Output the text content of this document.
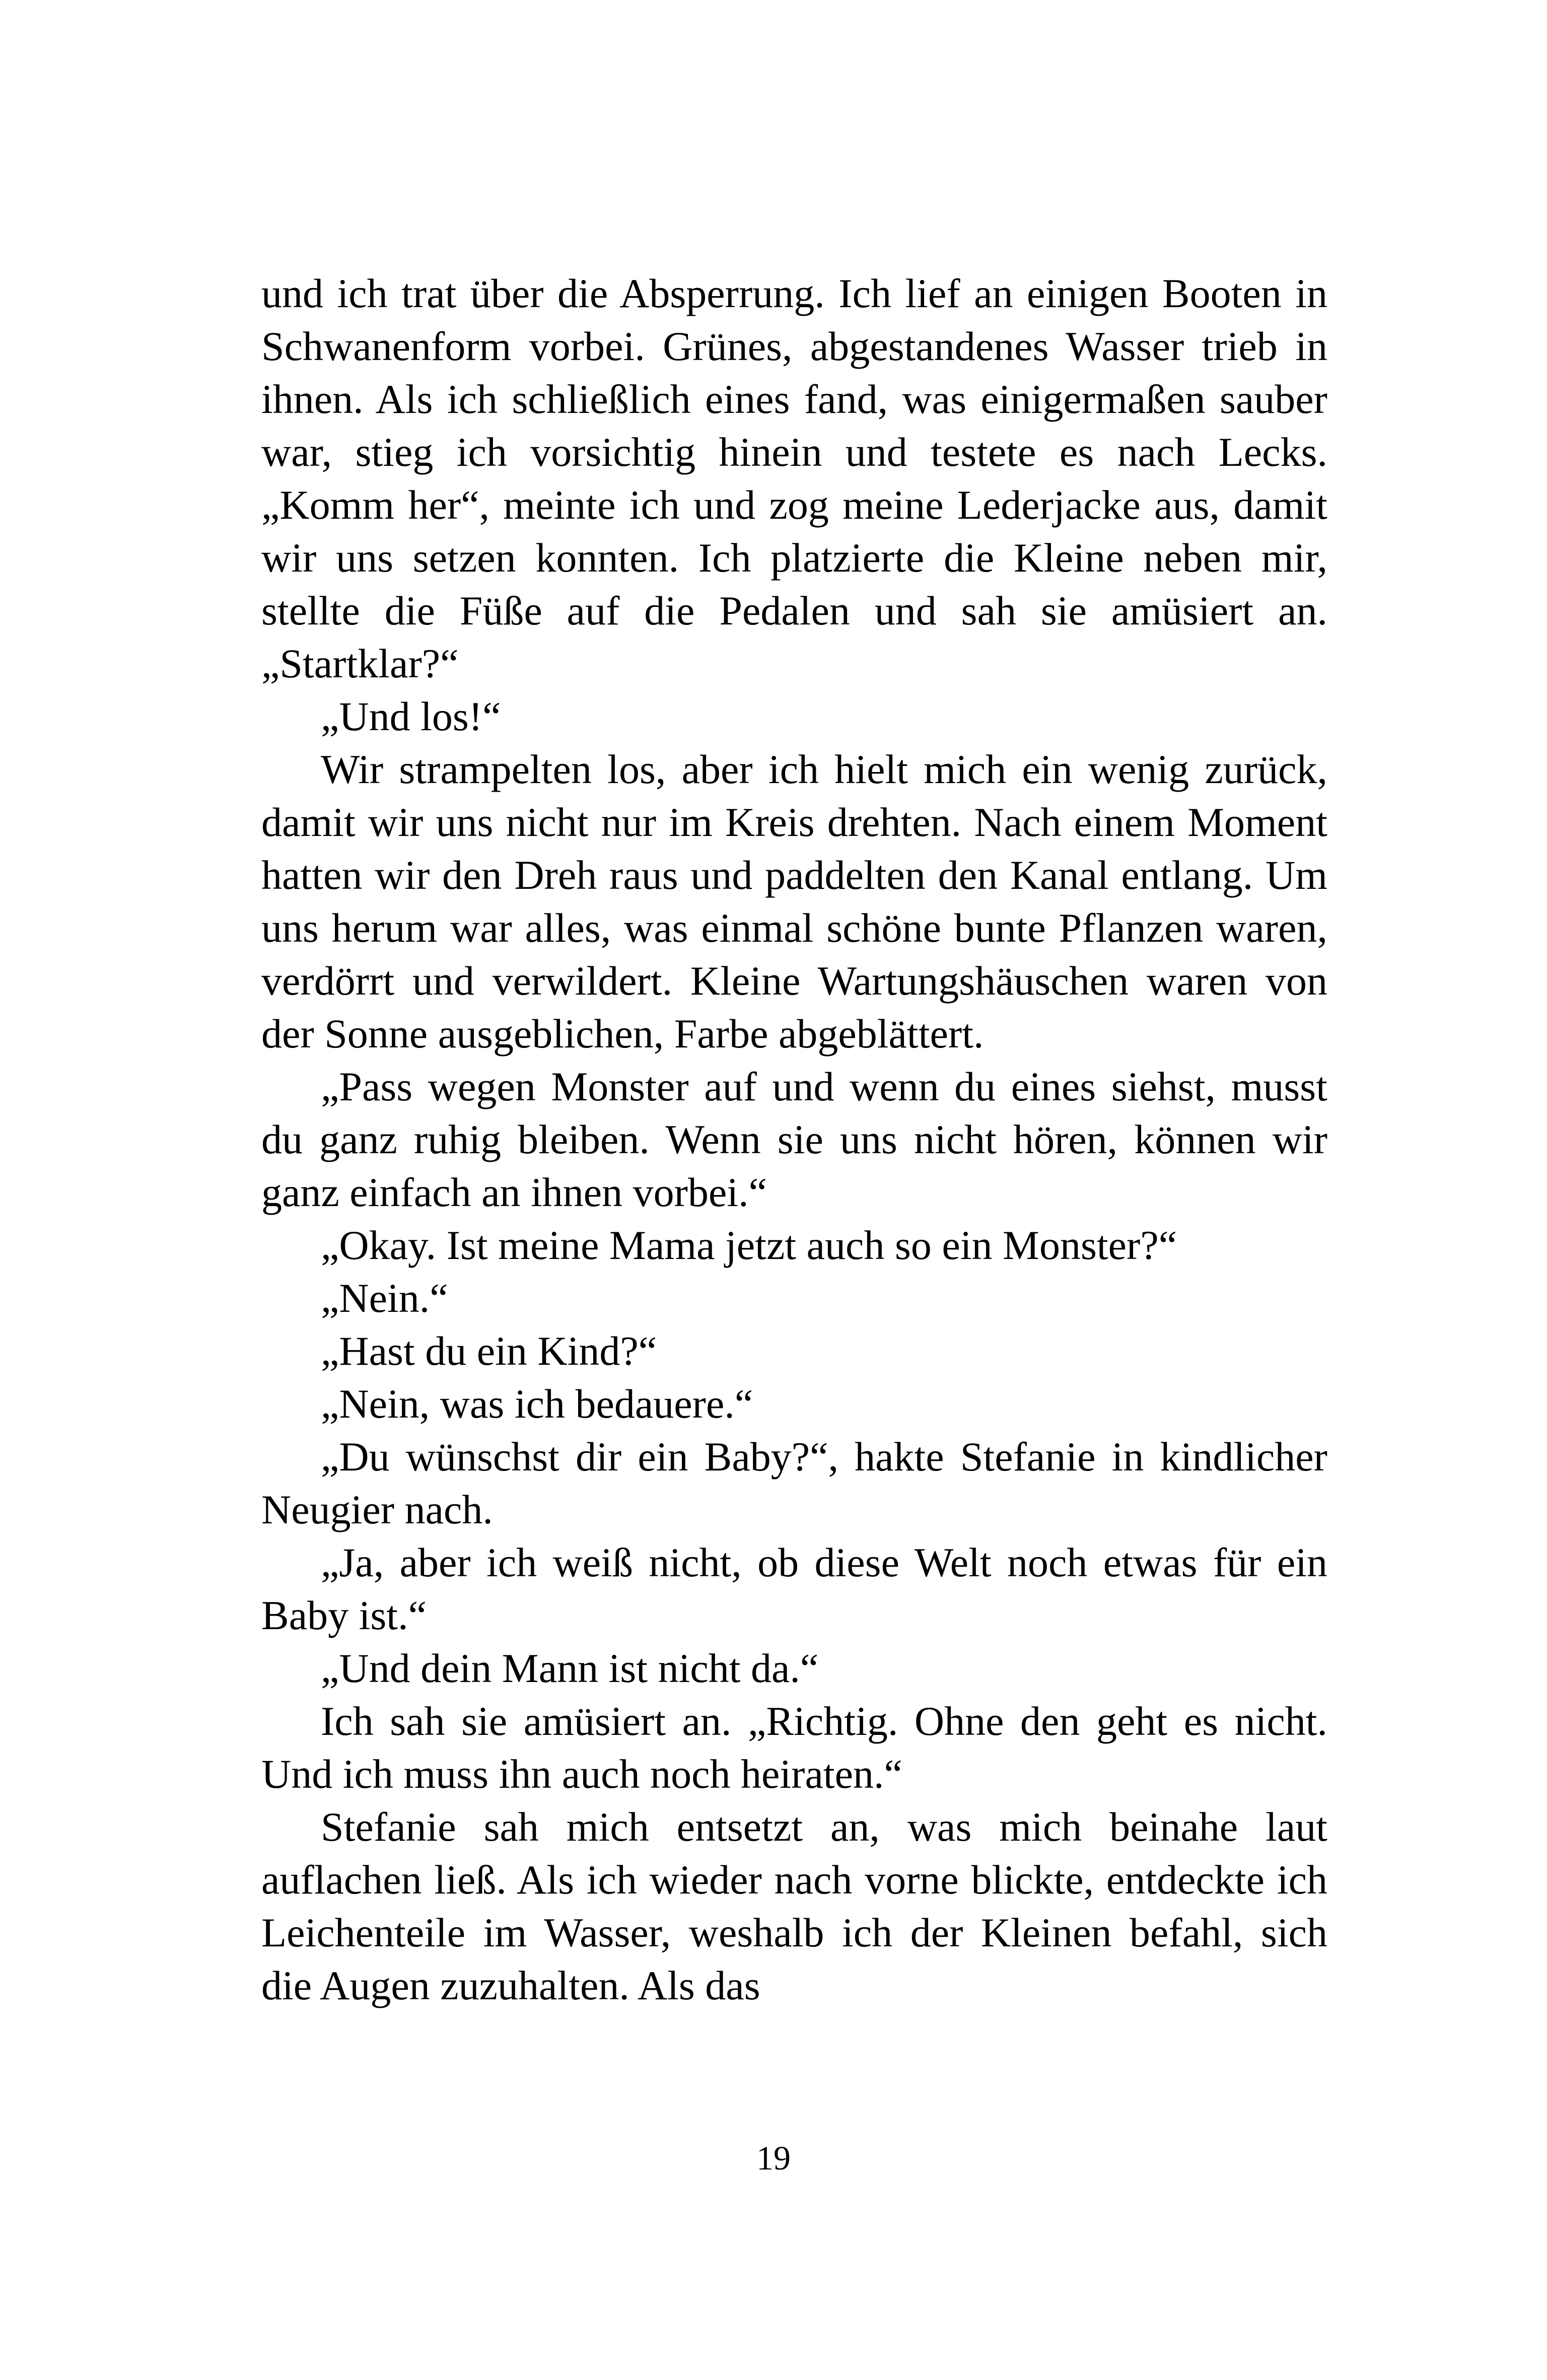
und ich trat über die Absperrung. Ich lief an einigen Booten in Schwanenform vorbei. Grünes, abgestandenes Wasser trieb in ihnen. Als ich schließlich eines fand, was einigermaßen sauber war, stieg ich vorsichtig hinein und testete es nach Lecks. „Komm her“, meinte ich und zog meine Lederjacke aus, damit wir uns setzen konnten. Ich platzierte die Kleine neben mir, stellte die Füße auf die Pedalen und sah sie amüsiert an. „Startklar?“

„Und los!“

Wir strampelten los, aber ich hielt mich ein wenig zurück, damit wir uns nicht nur im Kreis drehten. Nach einem Moment hatten wir den Dreh raus und paddelten den Kanal entlang. Um uns herum war alles, was einmal schöne bunte Pflanzen waren, verdörrt und verwildert. Kleine Wartungshäuschen waren von der Sonne ausgeblichen, Farbe abgeblättert.

„Pass wegen Monster auf und wenn du eines siehst, musst du ganz ruhig bleiben. Wenn sie uns nicht hören, können wir ganz einfach an ihnen vorbei.“

„Okay. Ist meine Mama jetzt auch so ein Monster?“

„Nein.“

„Hast du ein Kind?“

„Nein, was ich bedauere.“

„Du wünschst dir ein Baby?“, hakte Stefanie in kindlicher Neugier nach.

„Ja, aber ich weiß nicht, ob diese Welt noch etwas für ein Baby ist.“

„Und dein Mann ist nicht da.“

Ich sah sie amüsiert an. „Richtig. Ohne den geht es nicht. Und ich muss ihn auch noch heiraten.“

Stefanie sah mich entsetzt an, was mich beinahe laut auflachen ließ. Als ich wieder nach vorne blickte, entdeckte ich Leichenteile im Wasser, weshalb ich der Kleinen befahl, sich die Augen zuzuhalten. Als das

19
